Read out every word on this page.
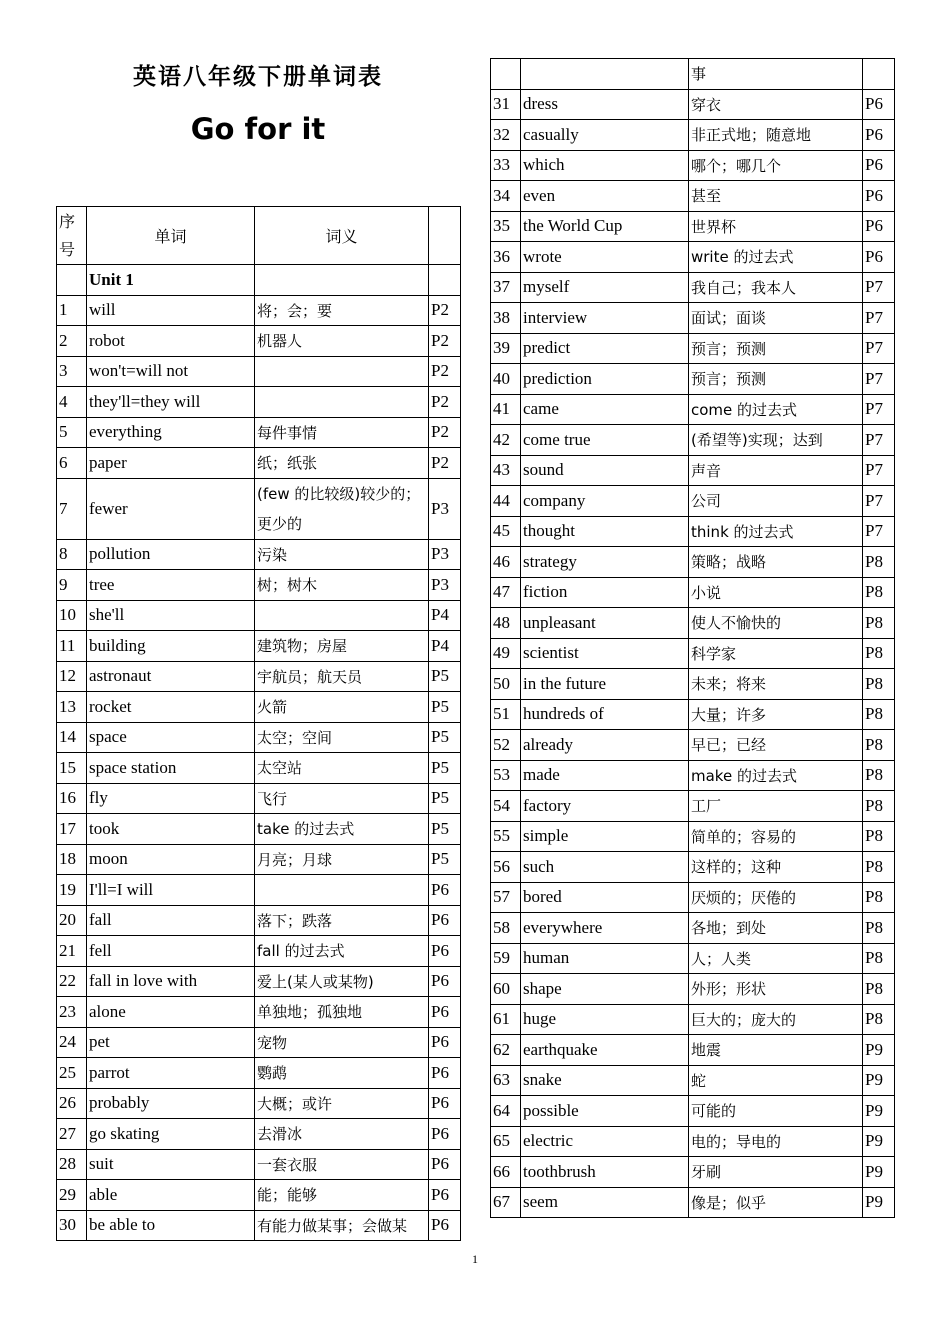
英语八年级下册单词表
Go for it
序号	单词	词义	
	Unit 1		
1	will	将；会；要	P2
2	robot	机器人	P2
3	won't=will not		P2
4	they'll=they will		P2
5	everything	每件事情	P2
6	paper	纸；纸张	P2
7	fewer	(few 的比较级)较少的；更少的	P3
8	pollution	污染	P3
9	tree	树；树木	P3
10	she'll		P4
11	building	建筑物；房屋	P4
12	astronaut	宇航员；航天员	P5
13	rocket	火箭	P5
14	space	太空；空间	P5
15	space station	太空站	P5
16	fly	飞行	P5
17	took	take 的过去式	P5
18	moon	月亮；月球	P5
19	I'll=I will		P6
20	fall	落下；跌落	P6
21	fell	fall 的过去式	P6
22	fall in love with	爱上(某人或某物)	P6
23	alone	单独地；孤独地	P6
24	pet	宠物	P6
25	parrot	鹦鹉	P6
26	probably	大概；或许	P6
27	go skating	去滑冰	P6
28	suit	一套衣服	P6
29	able	能；能够	P6
30	be able to	有能力做某事；会做某	P6
		事	
31	dress	穿衣	P6
32	casually	非正式地；随意地	P6
33	which	哪个；哪几个	P6
34	even	甚至	P6
35	the World Cup	世界杯	P6
36	wrote	write 的过去式	P6
37	myself	我自己；我本人	P7
38	interview	面试；面谈	P7
39	predict	预言；预测	P7
40	prediction	预言；预测	P7
41	came	come 的过去式	P7
42	come true	(希望等)实现；达到	P7
43	sound	声音	P7
44	company	公司	P7
45	thought	think 的过去式	P7
46	strategy	策略；战略	P8
47	fiction	小说	P8
48	unpleasant	使人不愉快的	P8
49	scientist	科学家	P8
50	in the future	未来；将来	P8
51	hundreds of	大量；许多	P8
52	already	早已；已经	P8
53	made	make 的过去式	P8
54	factory	工厂	P8
55	simple	简单的；容易的	P8
56	such	这样的；这种	P8
57	bored	厌烦的；厌倦的	P8
58	everywhere	各地；到处	P8
59	human	人；人类	P8
60	shape	外形；形状	P8
61	huge	巨大的；庞大的	P8
62	earthquake	地震	P9
63	snake	蛇	P9
64	possible	可能的	P9
65	electric	电的；导电的	P9
66	toothbrush	牙刷	P9
67	seem	像是；似乎	P9
1
